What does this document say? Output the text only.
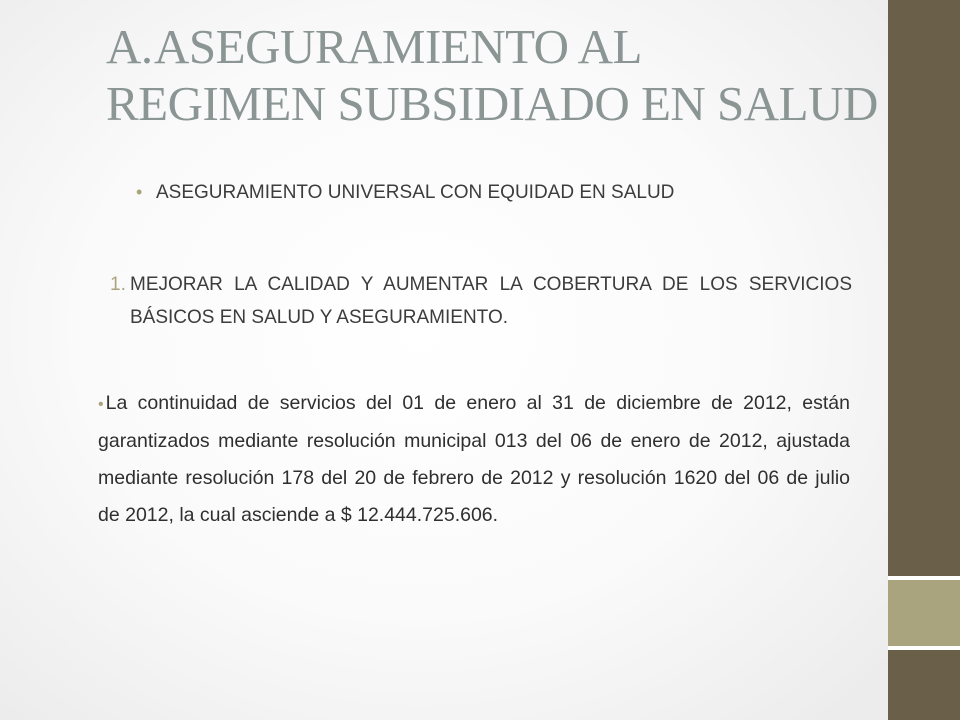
A.ASEGURAMIENTO AL
REGIMEN SUBSIDIADO EN SALUD
• ASEGURAMIENTO UNIVERSAL CON EQUIDAD EN SALUD
1. MEJORAR LA CALIDAD Y AUMENTAR LA COBERTURA DE LOS SERVICIOS BÁSICOS EN SALUD Y ASEGURAMIENTO.
• La continuidad de servicios del 01 de enero al 31 de diciembre de 2012, están garantizados mediante resolución municipal 013 del 06 de enero de 2012, ajustada mediante resolución 178 del 20 de febrero de 2012 y resolución 1620 del 06 de julio de 2012, la cual asciende a $ 12.444.725.606.
